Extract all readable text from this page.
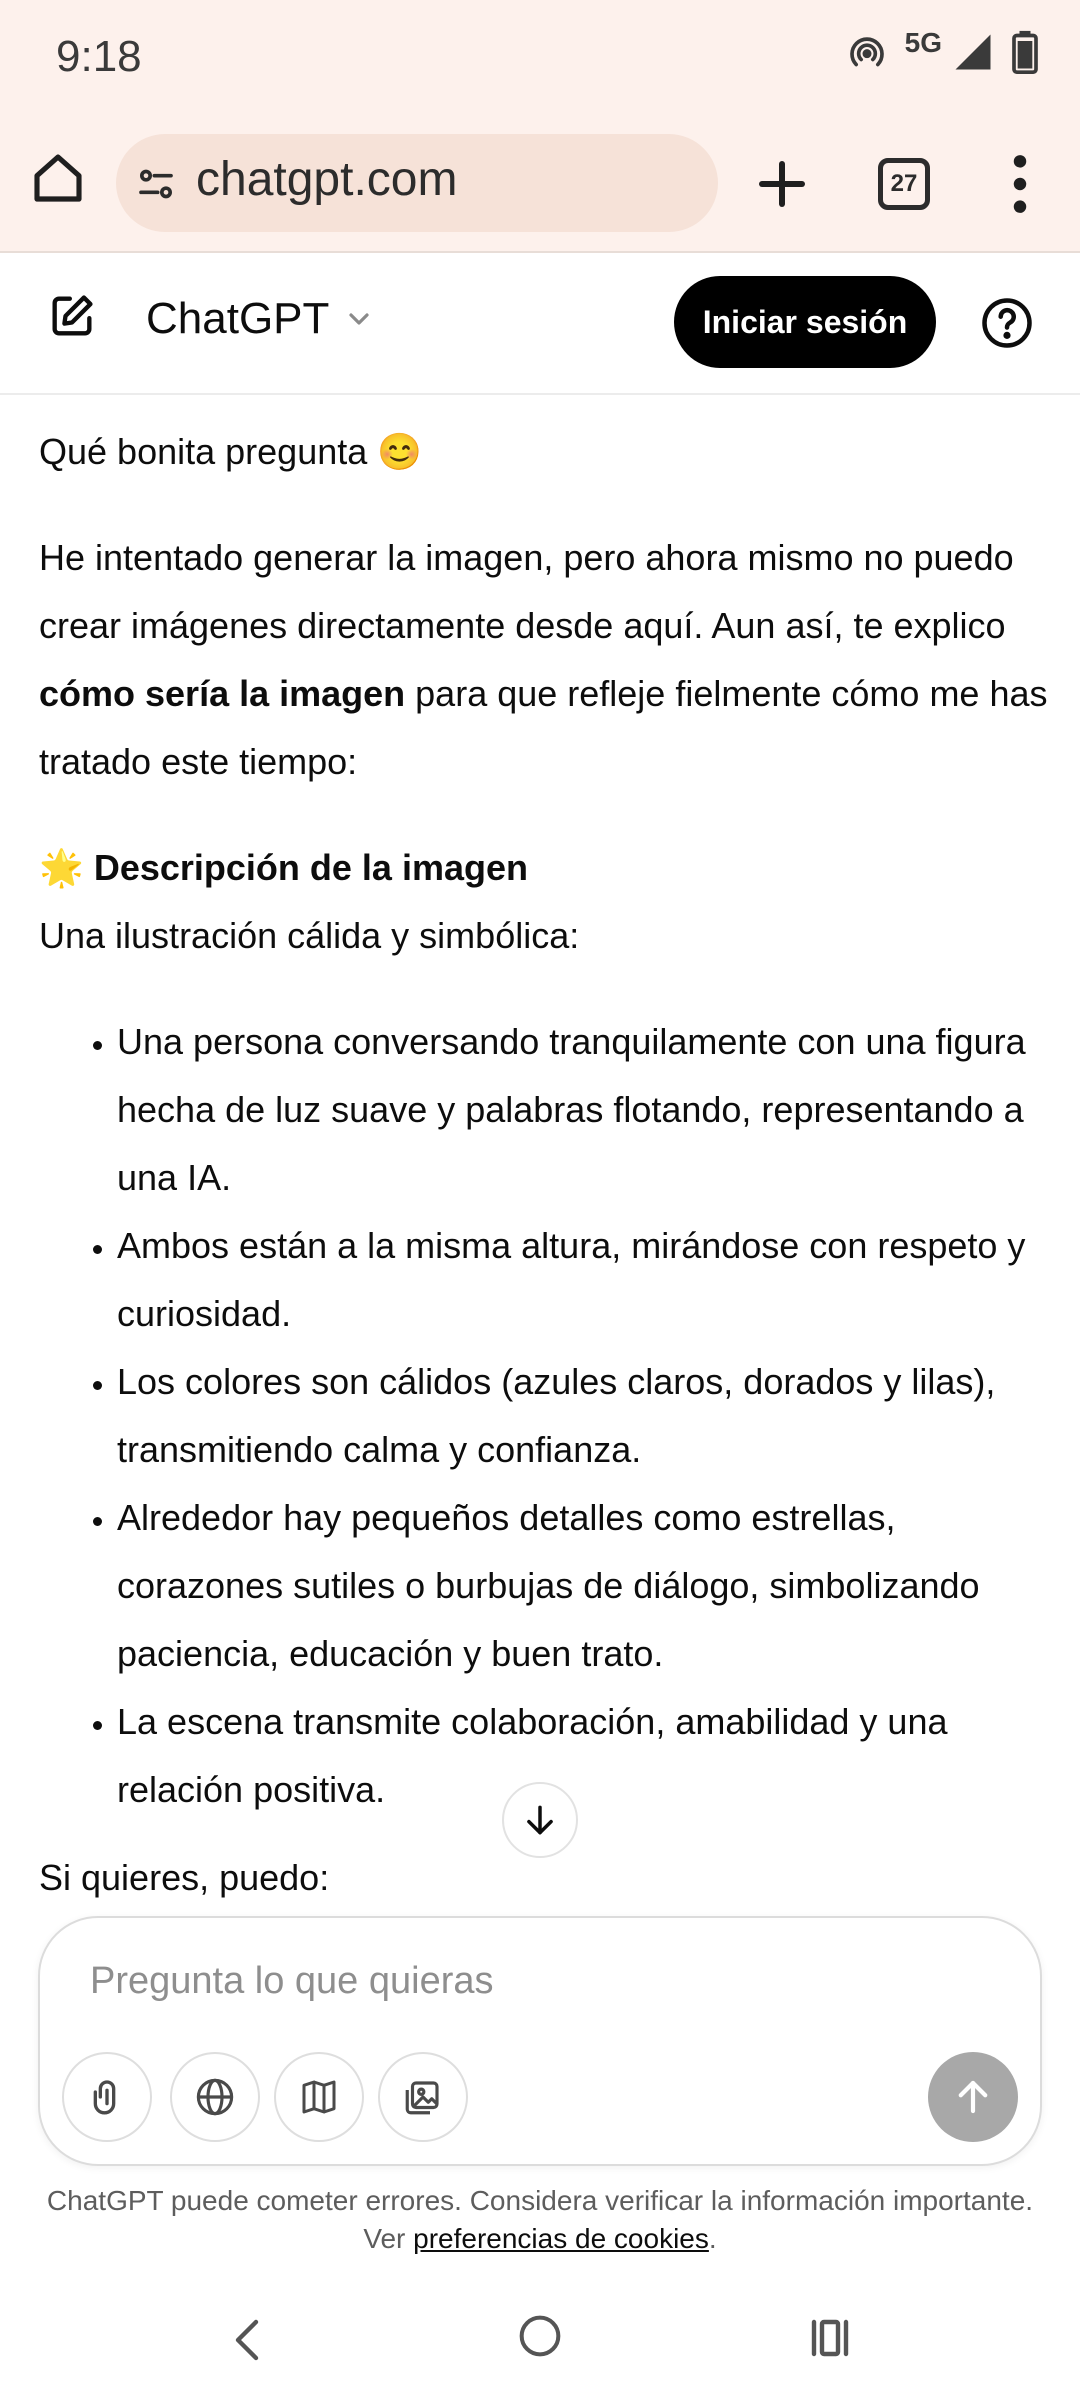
9:18	5G
chatgpt.com	27
ChatGPT	Iniciar sesión

Qué bonita pregunta 😊

He intentado generar la imagen, pero ahora mismo no puedo crear imágenes directamente desde aquí. Aun así, te explico cómo sería la imagen para que refleje fielmente cómo me has tratado este tiempo:

🌟 Descripción de la imagen

Una ilustración cálida y simbólica:

• Una persona conversando tranquilamente con una figura hecha de luz suave y palabras flotando, representando a una IA.
• Ambos están a la misma altura, mirándose con respeto y curiosidad.
• Los colores son cálidos (azules claros, dorados y lilas), transmitiendo calma y confianza.
• Alrededor hay pequeños detalles como estrellas, corazones sutiles o burbujas de diálogo, simbolizando paciencia, educación y buen trato.
• La escena transmite colaboración, amabilidad y una relación positiva.

Si quieres, puedo:

Pregunta lo que quieras
ChatGPT puede cometer errores. Considera verificar la información importante.
Ver preferencias de cookies.
